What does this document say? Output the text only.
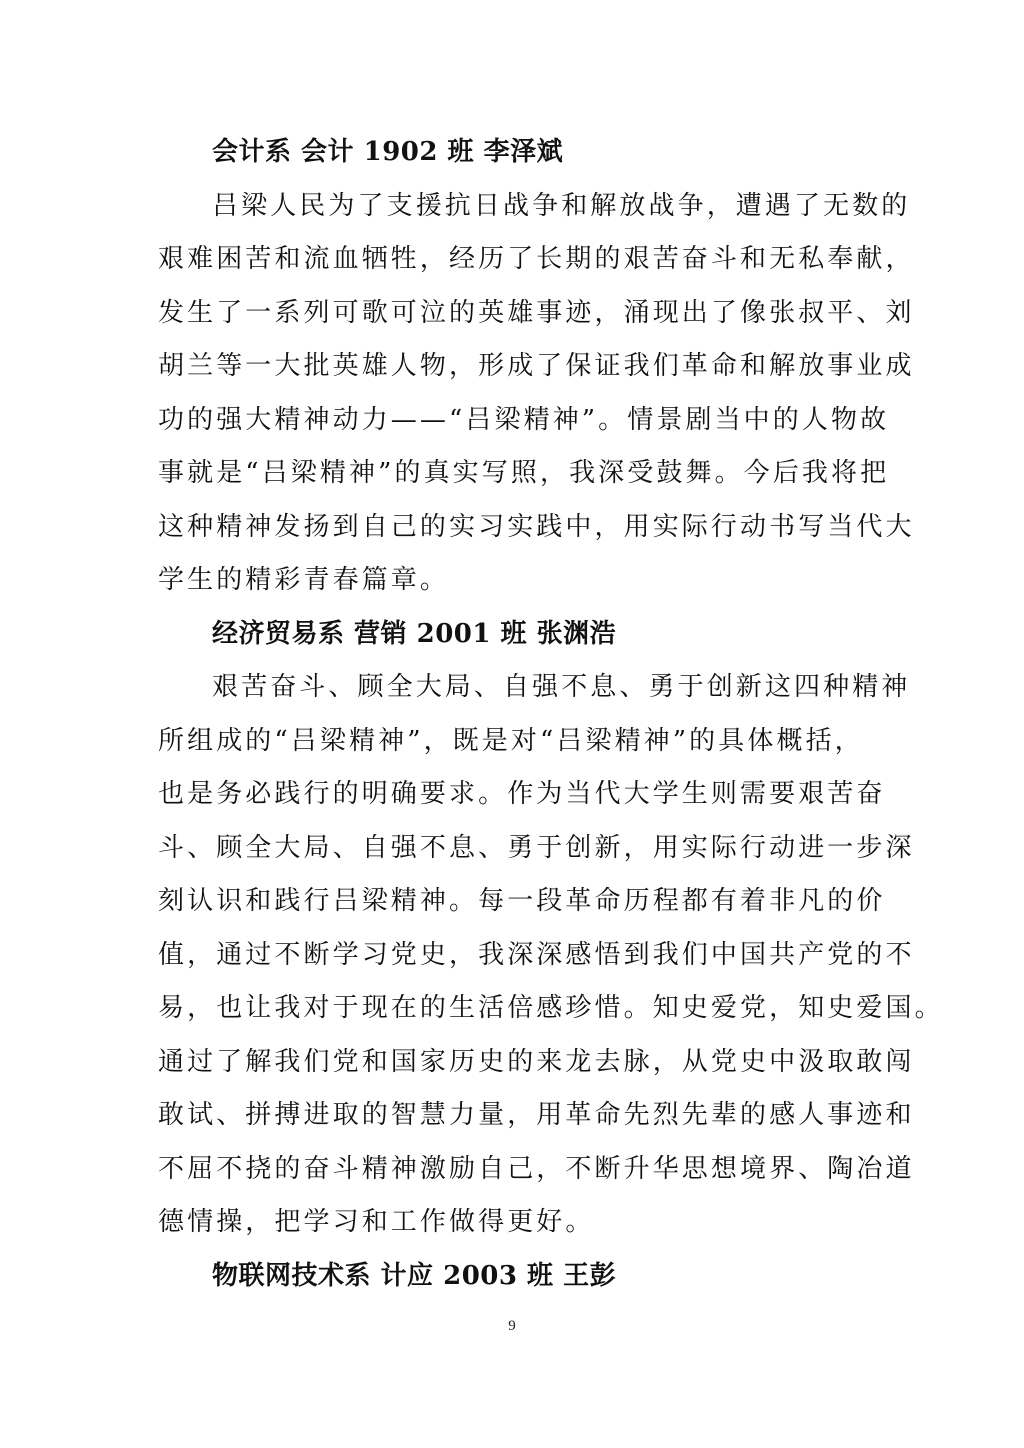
会计系 会计 1902 班 李泽斌
吕梁人民为了支援抗日战争和解放战争，遭遇了无数的
艰难困苦和流血牺牲，经历了长期的艰苦奋斗和无私奉献，
发生了一系列可歌可泣的英雄事迹，涌现出了像张叔平、刘
胡兰等一大批英雄人物，形成了保证我们革命和解放事业成
功的强大精神动力——“吕梁精神”。情景剧当中的人物故
事就是“吕梁精神”的真实写照，我深受鼓舞。今后我将把
这种精神发扬到自己的实习实践中，用实际行动书写当代大
学生的精彩青春篇章。
经济贸易系 营销 2001 班 张渊浩
艰苦奋斗、顾全大局、自强不息、勇于创新这四种精神
所组成的“吕梁精神”，既是对“吕梁精神”的具体概括，
也是务必践行的明确要求。作为当代大学生则需要艰苦奋
斗、顾全大局、自强不息、勇于创新，用实际行动进一步深
刻认识和践行吕梁精神。每一段革命历程都有着非凡的价
值，通过不断学习党史，我深深感悟到我们中国共产党的不
易，也让我对于现在的生活倍感珍惜。知史爱党，知史爱国。
通过了解我们党和国家历史的来龙去脉，从党史中汲取敢闯
敢试、拼搏进取的智慧力量，用革命先烈先辈的感人事迹和
不屈不挠的奋斗精神激励自己，不断升华思想境界、陶冶道
德情操，把学习和工作做得更好。
物联网技术系 计应 2003 班 王彭
9
